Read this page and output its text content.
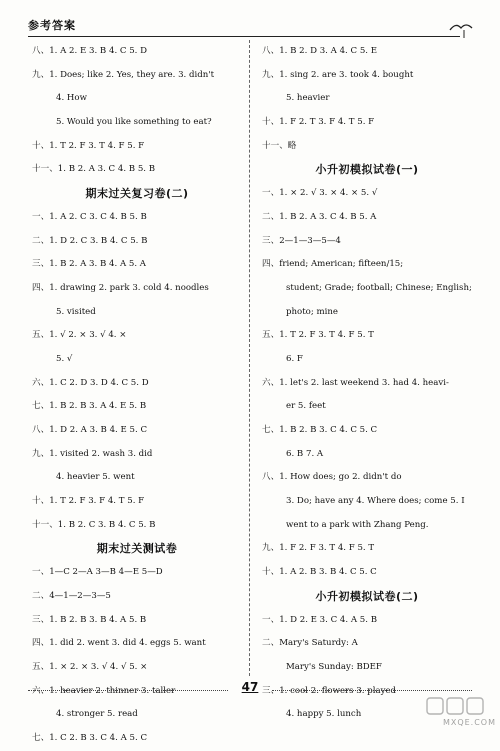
参考答案
八、1. A 2. E 3. B 4. C 5. D
九、1. Does; like 2. Yes, they are. 3. didn't
4. How
5. Would you like something to eat?
十、1. T 2. F 3. T 4. F 5. F
十一、1. B 2. A 3. C 4. B 5. B
期末过关复习卷(二)
一、1. A 2. C 3. C 4. B 5. B
二、1. D 2. C 3. B 4. C 5. B
三、1. B 2. A 3. B 4. A 5. A
四、1. drawing 2. park 3. cold 4. noodles
5. visited
五、1. √ 2. × 3. √ 4. ×
5. √
六、1. C 2. D 3. D 4. C 5. D
七、1. B 2. B 3. A 4. E 5. B
八、1. D 2. A 3. B 4. E 5. C
九、1. visited 2. wash 3. did
4. heavier 5. went
十、1. T 2. F 3. F 4. T 5. F
十一、1. B 2. C 3. B 4. C 5. B
期末过关测试卷
一、1—C 2—A 3—B 4—E 5—D
二、4—1—2—3—5
三、1. B 2. B 3. B 4. A 5. B
四、1. did 2. went 3. did 4. eggs 5. want
五、1. × 2. × 3. √ 4. √ 5. ×
六、1. heavier 2. thinner 3. taller
4. stronger 5. read
七、1. C 2. B 3. C 4. A 5. C
八、1. B 2. D 3. A 4. C 5. E
九、1. sing 2. are 3. took 4. bought
5. heavier
十、1. F 2. T 3. F 4. T 5. F
十一、略
小升初模拟试卷(一)
一、1. × 2. √ 3. × 4. × 5. √
二、1. B 2. A 3. C 4. B 5. A
三、2—1—3—5—4
四、friend; American; fifteen/15;
student; Grade; football; Chinese; English;
photo; mine
五、1. T 2. F 3. T 4. F 5. T
6. F
六、1. let's 2. last weekend 3. had 4. heavi-
er 5. feet
七、1. B 2. B 3. C 4. C 5. C
6. B 7. A
八、1. How does; go 2. didn't do
3. Do; have any 4. Where does; come 5. I
went to a park with Zhang Peng.
九、1. F 2. F 3. T 4. F 5. T
十、1. A 2. B 3. B 4. C 5. C
小升初模拟试卷(二)
一、1. D 2. E 3. C 4. A 5. B
二、Mary's Saturdy: A
Mary's Sunday: BDEF
三、1. cool 2. flowers 3. played
4. happy 5. lunch
47
MXQE.COM
